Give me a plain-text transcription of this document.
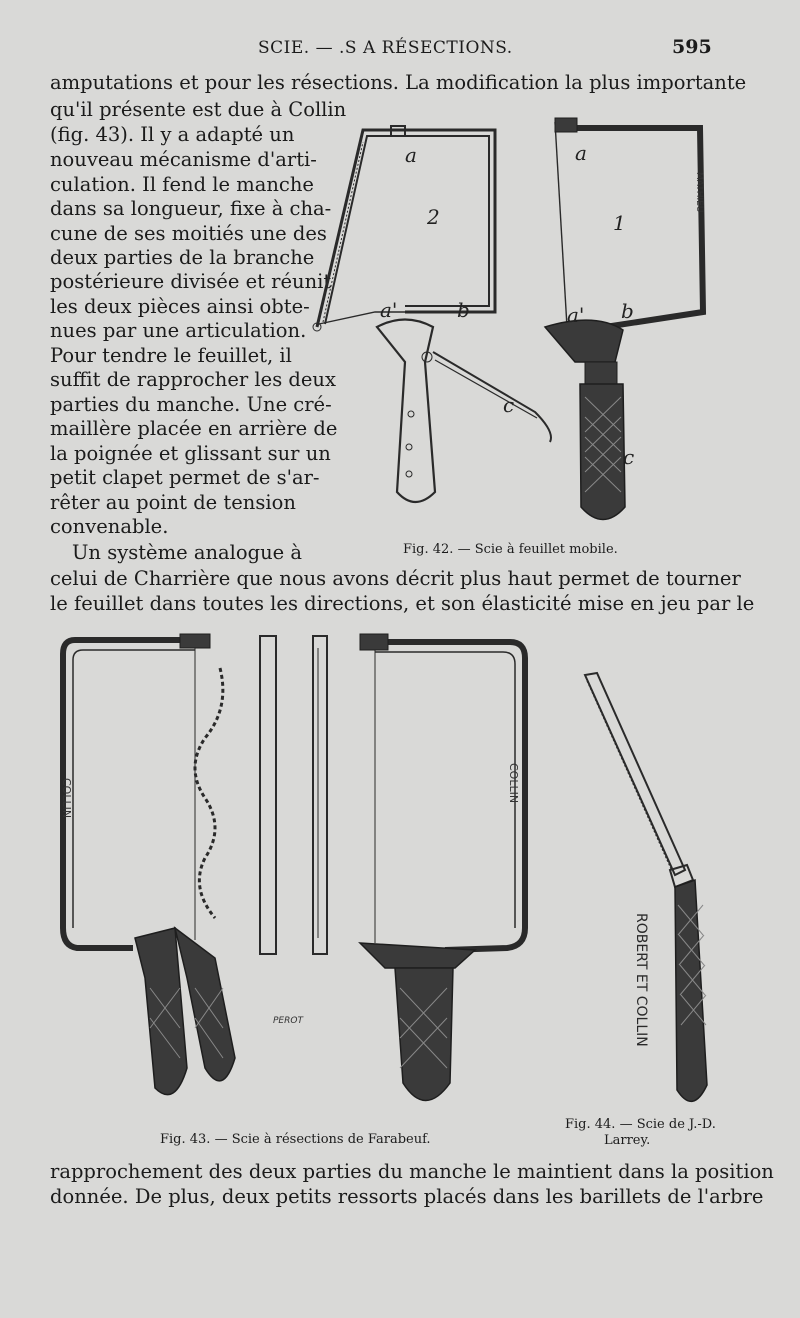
SCIE. — .S A RÉSECTIONS.	595
amputations et pour les résections. La modification la plus importante
qu'il présente est due à Collin
(fig. 43). Il y a adapté un
nouveau mécanisme d'arti-
culation. Il fend le manche
dans sa longueur, fixe à cha-
cune de ses moitiés une des
deux parties de la branche
postérieure divisée et réunit
les deux pièces ainsi obte-
nues par une articulation.
Pour tendre le feuillet, il
suffit de rapprocher les deux
parties du manche. Une cré-
maillère placée en arrière de
la poignée et glissant sur un
petit clapet permet de s'ar-
rêter au point de tension
convenable.
Un système analogue à
celui de Charrière que nous avons décrit plus haut permet de tourner
le feuillet dans toutes les directions, et son élasticité mise en jeu par le
a
2
a'	b
c
a
1
a' b
c
MATHIEU
Fig. 42. — Scie à feuillet mobile.
COLLIN	COLLIN
PEROT
Fig. 43. — Scie à résections de Farabeuf.
ROBERT ET COLLIN
Fig. 44. — Scie de J.-D.
Larrey.
rapprochement des deux parties du manche le maintient dans la position
donnée. De plus, deux petits ressorts placés dans les barillets de l'arbre
